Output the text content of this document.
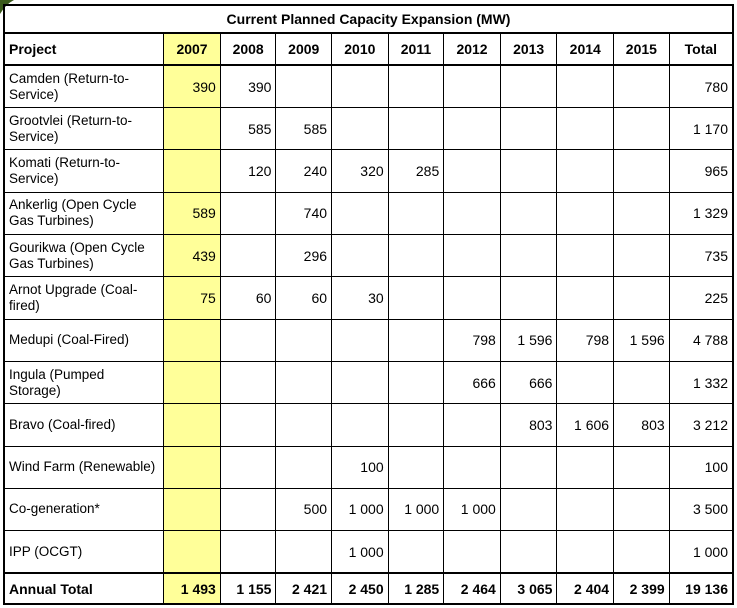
Current Planned Capacity Expansion (MW)										
Project	2007	2008	2009	2010	2011	2012	2013	2014	2015	Total
Camden (Return-to-Service)	390	390								780
Grootvlei (Return-to-Service)		585	585							1 170
Komati (Return-to-Service)		120	240	320	285					965
Ankerlig (Open Cycle Gas Turbines)	589		740							1 329
Gourikwa (Open Cycle Gas Turbines)	439		296							735
Arnot Upgrade (Coal-fired)	75	60	60	30						225
Medupi (Coal-Fired)						798	1 596	798	1 596	4 788
Ingula (Pumped Storage)						666	666			1 332
Bravo (Coal-fired)							803	1 606	803	3 212
Wind Farm (Renewable)				100						100
Co-generation*			500	1 000	1 000	1 000				3 500
IPP (OCGT)				1 000						1 000
Annual Total	1 493	1 155	2 421	2 450	1 285	2 464	3 065	2 404	2 399	19 136
